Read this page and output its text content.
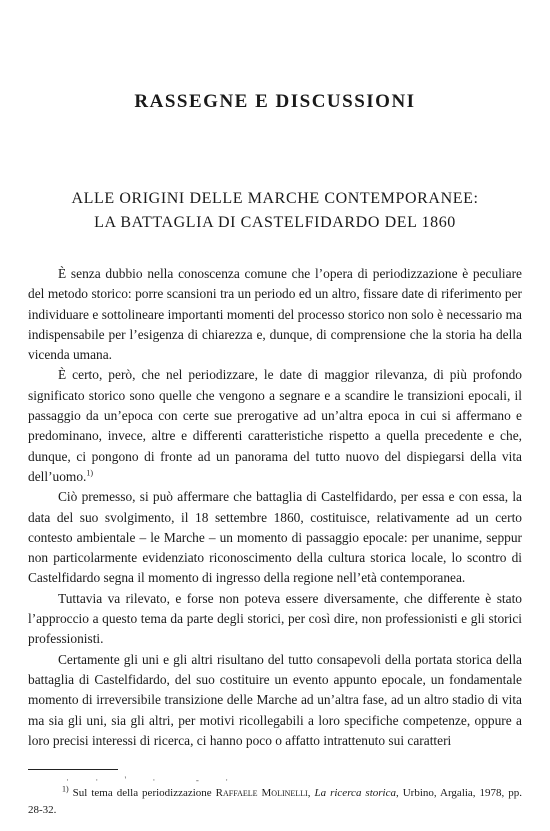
RASSEGNE E DISCUSSIONI
ALLE ORIGINI DELLE MARCHE CONTEMPORANEE:
LA BATTAGLIA DI CASTELFIDARDO DEL 1860

È senza dubbio nella conoscenza comune che l’opera di periodizzazione è peculiare del metodo storico: porre scansioni tra un periodo ed un altro, fissare date di riferimento per individuare e sottolineare importanti momenti del processo storico non solo è necessario ma indispensabile per l’esigenza di chiarezza e, dunque, di comprensione che la storia ha della vicenda umana.

È certo, però, che nel periodizzare, le date di maggior rilevanza, di più profondo significato storico sono quelle che vengono a segnare e a scandire le transizioni epocali, il passaggio da un’epoca con certe sue prerogative ad un’altra epoca in cui si affermano e predominano, invece, altre e differenti caratteristiche rispetto a quella precedente e che, dunque, ci pongono di fronte ad un panorama del tutto nuovo del dispiegarsi della vita dell’uomo.$^{1)}$

Ciò premesso, si può affermare che battaglia di Castelfidardo, per essa e con essa, la data del suo svolgimento, il 18 settembre 1860, costituisce, relativamente ad un certo contesto ambientale – le Marche – un momento di passaggio epocale: per unanime, seppur non particolarmente evidenziato riconoscimento della cultura storica locale, lo scontro di Castelfidardo segna il momento di ingresso della regione nell’età contemporanea.

Tuttavia va rilevato, e forse non poteva essere diversamente, che differente è stato l’approccio a questo tema da parte degli storici, per così dire, non professionisti e gli storici professionisti.

Certamente gli uni e gli altri risultano del tutto consapevoli della portata storica della battaglia di Castelfidardo, del suo costituire un evento appunto epocale, un fondamentale momento di irreversibile transizione delle Marche ad un’altra fase, ad un altro stadio di vita ma sia gli uni, sia gli altri, per motivi ricollegabili a loro specifiche competenze, oppure a loro precisi interessi di ricerca, ci hanno poco o affatto intrattenuto sui caratteri

· · ' ·  - ·
$^{1)}$ Sul tema della periodizzazione Raffaele Molinelli, La ricerca storica, Urbino, Argalia, 1978, pp. 28-32.
